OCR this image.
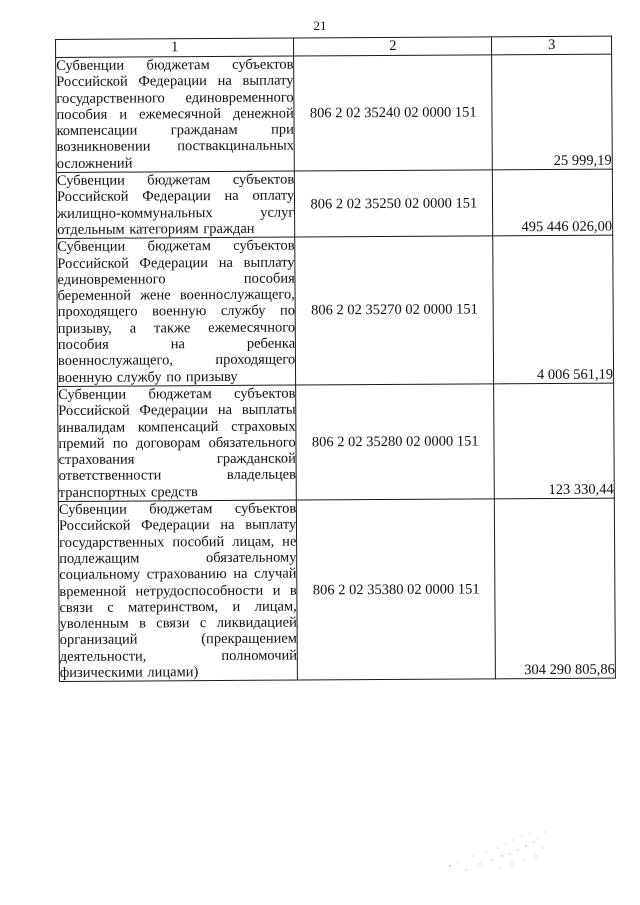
21
1	2	3
Субвенции бюджетам субъектов Российской Федерации на выплату государственного единовременного пособия и ежемесячной денежной компенсации гражданам при возникновении поствакцинальных осложнений	806 2 02 35240 02 0000 151	25 999,19
Субвенции бюджетам субъектов Российской Федерации на оплату жилищно-коммунальных услуг отдельным категориям граждан	806 2 02 35250 02 0000 151	495 446 026,00
Субвенции бюджетам субъектов Российской Федерации на выплату единовременного пособия беременной жене военнослужащего, проходящего военную службу по призыву, а также ежемесячного пособия на ребенка военнослужащего, проходящего военную службу по призыву	806 2 02 35270 02 0000 151	4 006 561,19
Субвенции бюджетам субъектов Российской Федерации на выплаты инвалидам компенсаций страховых премий по договорам обязательного страхования гражданской ответственности владельцев транспортных средств	806 2 02 35280 02 0000 151	123 330,44
Субвенции бюджетам субъектов Российской Федерации на выплату государственных пособий лицам, не подлежащим обязательному социальному страхованию на случай временной нетрудоспособности и в связи с материнством, и лицам, уволенным в связи с ликвидацией организаций (прекращением деятельности, полномочий физическими лицами)	806 2 02 35380 02 0000 151	304 290 805,86
